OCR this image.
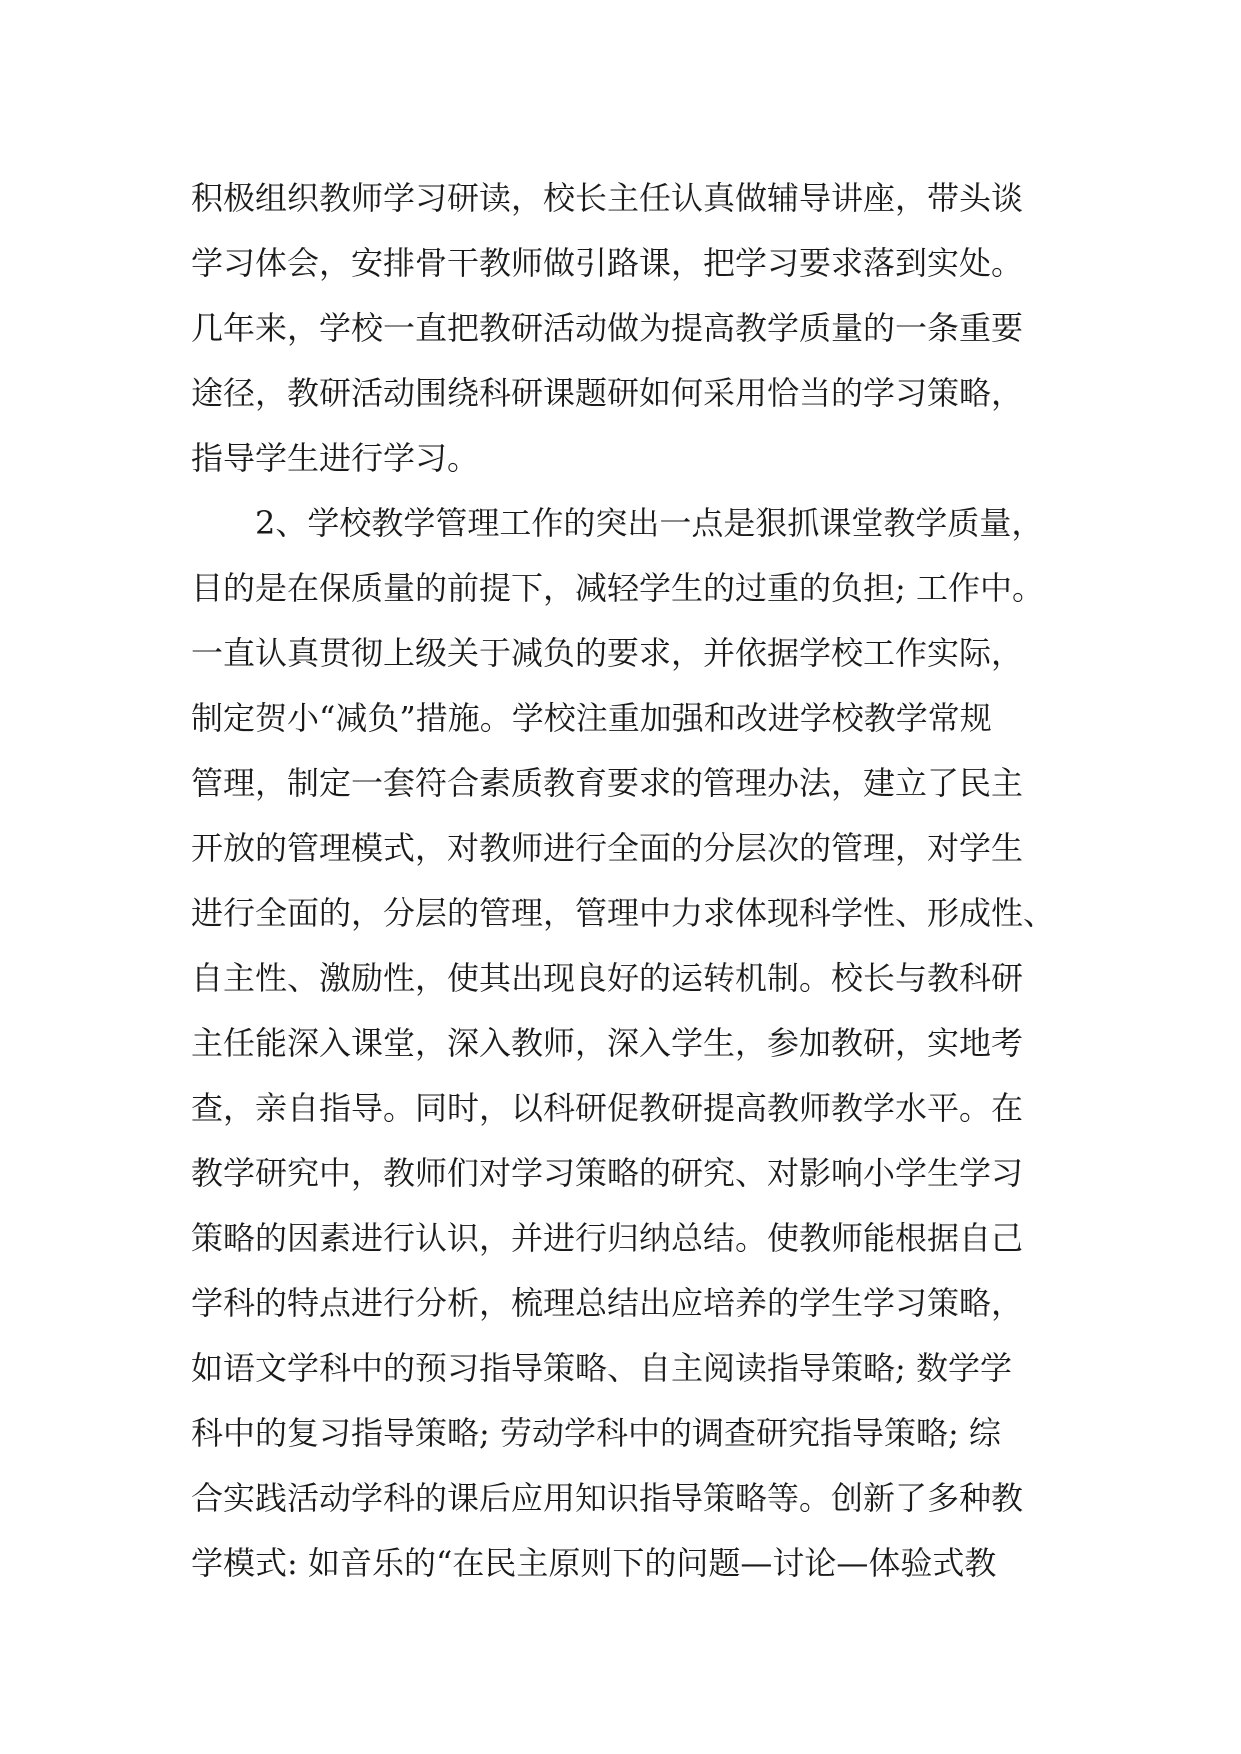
积极组织教师学习研读，校长主任认真做辅导讲座，带头谈
学习体会，安排骨干教师做引路课，把学习要求落到实处。
几年来，学校一直把教研活动做为提高教学质量的一条重要
途径，教研活动围绕科研课题研如何采用恰当的学习策略，
指导学生进行学习。
2、学校教学管理工作的突出一点是狠抓课堂教学质量，
目的是在保质量的前提下，减轻学生的过重的负担; 工作中。
一直认真贯彻上级关于减负的要求，并依据学校工作实际，
制定贺小“减负”措施。学校注重加强和改进学校教学常规
管理，制定一套符合素质教育要求的管理办法，建立了民主
开放的管理模式，对教师进行全面的分层次的管理，对学生
进行全面的，分层的管理，管理中力求体现科学性、形成性、
自主性、激励性，使其出现良好的运转机制。校长与教科研
主任能深入课堂，深入教师，深入学生，参加教研，实地考
查，亲自指导。同时，以科研促教研提高教师教学水平。在
教学研究中，教师们对学习策略的研究、对影响小学生学习
策略的因素进行认识，并进行归纳总结。使教师能根据自己
学科的特点进行分析，梳理总结出应培养的学生学习策略，
如语文学科中的预习指导策略、自主阅读指导策略; 数学学
科中的复习指导策略; 劳动学科中的调查研究指导策略; 综
合实践活动学科的课后应用知识指导策略等。创新了多种教
学模式: 如音乐的“在民主原则下的问题—讨论—体验式教
